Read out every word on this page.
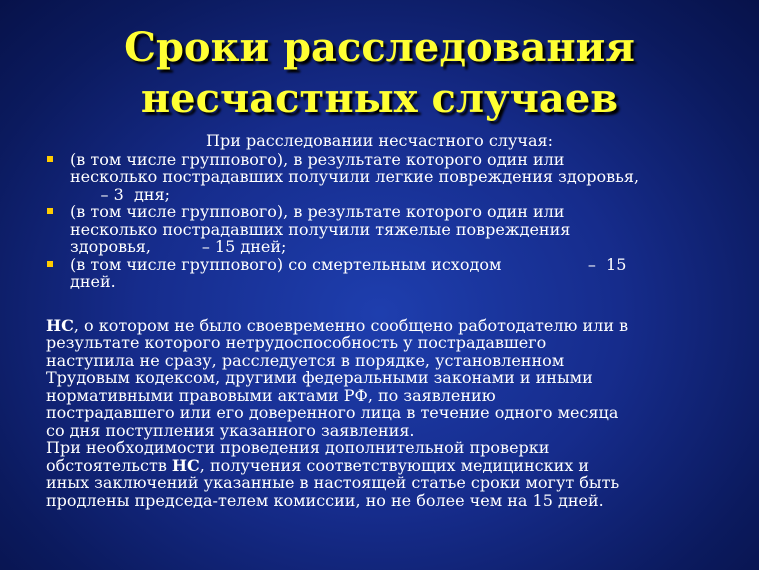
Сроки расследования
несчастных случаев
При расследовании несчастного случая:
(в том числе группового), в результате которого один или
несколько пострадавших получили легкие повреждения здоровья,
– 3  дня;
(в том числе группового), в результате которого один или
несколько пострадавших получили тяжелые повреждения
здоровья,          – 15 дней;
(в том числе группового) со смертельным исходом                 –  15
дней.
НС, о котором не было своевременно сообщено работодателю или в
результате которого нетрудоспособность у пострадавшего
наступила не сразу, расследуется в порядке, установленном
Трудовым кодексом, другими федеральными законами и иными
нормативными правовыми актами РФ, по заявлению
пострадавшего или его доверенного лица в течение одного месяца
со дня поступления указанного заявления.
При необходимости проведения дополнительной проверки
обстоятельств НС, получения соответствующих медицинских и
иных заключений указанные в настоящей статье сроки могут быть
продлены председа-телем комиссии, но не более чем на 15 дней.
